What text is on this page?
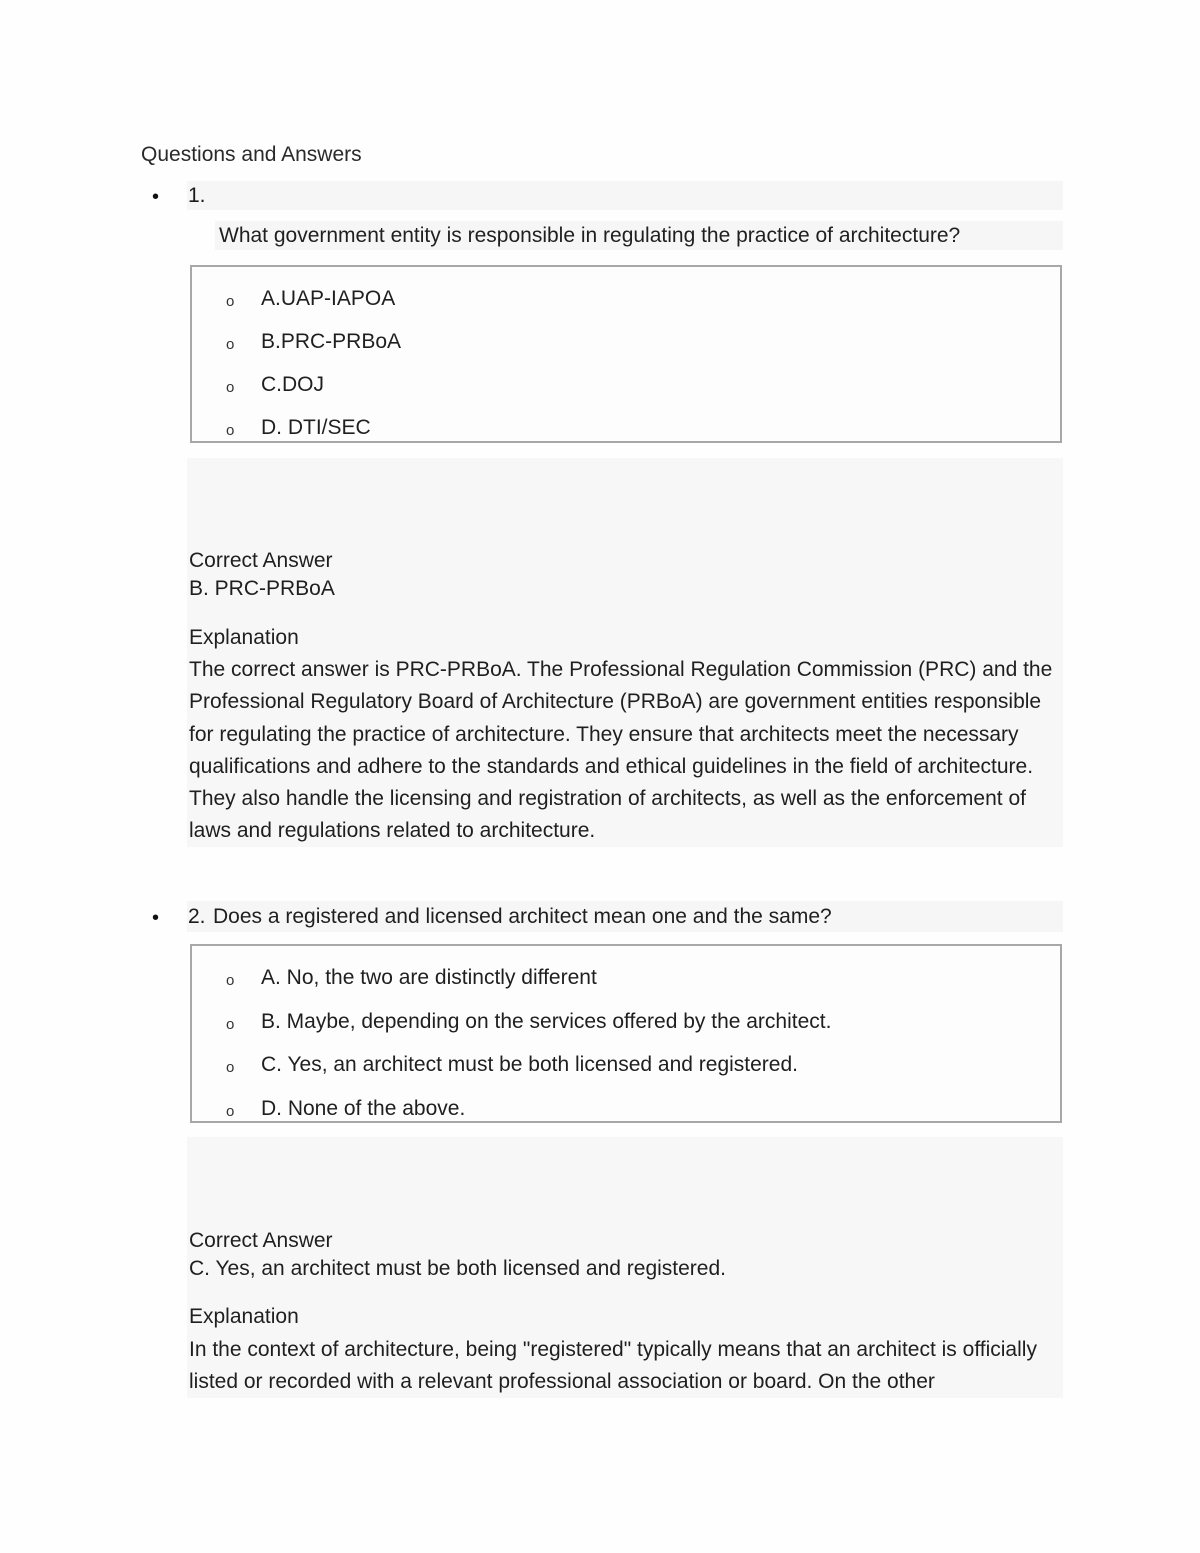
Questions and Answers
•
1.
What government entity is responsible in regulating the practice of architecture?
o A.UAP-IAPOA
o B.PRC-PRBoA
o C.DOJ
o D. DTI/SEC
Correct Answer
B. PRC-PRBoA
Explanation
The correct answer is PRC-PRBoA. The Professional Regulation Commission (PRC) and the Professional Regulatory Board of Architecture (PRBoA) are government entities responsible for regulating the practice of architecture. They ensure that architects meet the necessary qualifications and adhere to the standards and ethical guidelines in the field of architecture. They also handle the licensing and registration of architects, as well as the enforcement of laws and regulations related to architecture.
•
2. Does a registered and licensed architect mean one and the same?
o A. No, the two are distinctly different
o B. Maybe, depending on the services offered by the architect.
o C. Yes, an architect must be both licensed and registered.
o D. None of the above.
Correct Answer
C. Yes, an architect must be both licensed and registered.
Explanation
In the context of architecture, being "registered" typically means that an architect is officially listed or recorded with a relevant professional association or board. On the other
